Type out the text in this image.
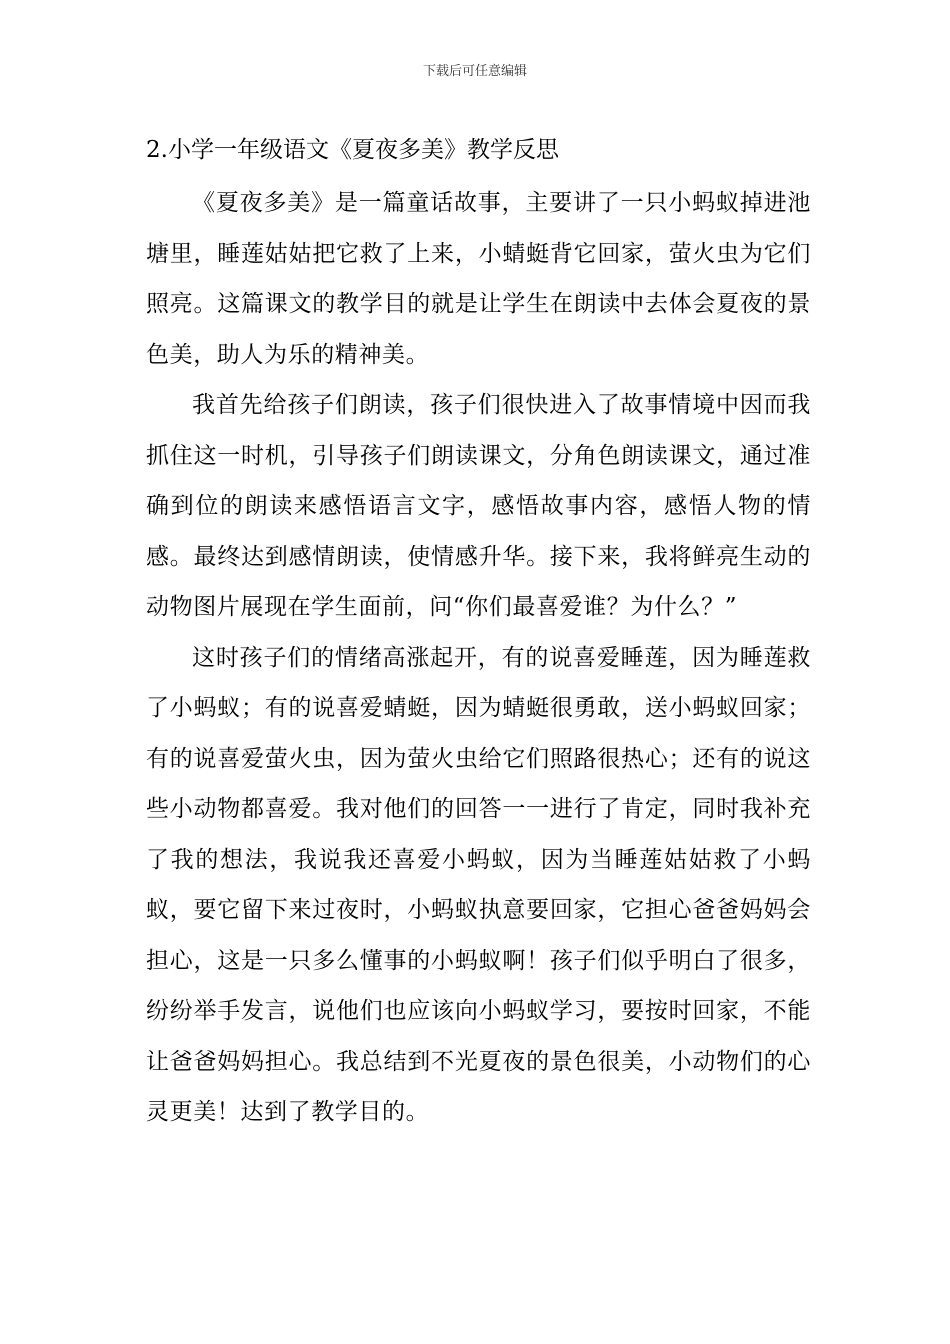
下载后可任意编辑
2.小学一年级语文《夏夜多美》教学反思

《夏夜多美》是一篇童话故事，主要讲了一只小蚂蚁掉进池塘里，睡莲姑姑把它救了上来，小蜻蜓背它回家，萤火虫为它们照亮。这篇课文的教学目的就是让学生在朗读中去体会夏夜的景色美，助人为乐的精神美。

我首先给孩子们朗读，孩子们很快进入了故事情境中因而我抓住这一时机，引导孩子们朗读课文，分角色朗读课文，通过准确到位的朗读来感悟语言文字，感悟故事内容，感悟人物的情感。最终达到感情朗读，使情感升华。接下来，我将鲜亮生动的动物图片展现在学生面前，问“你们最喜爱谁？为什么？”

这时孩子们的情绪高涨起开，有的说喜爱睡莲，因为睡莲救了小蚂蚁；有的说喜爱蜻蜓，因为蜻蜓很勇敢，送小蚂蚁回家；有的说喜爱萤火虫，因为萤火虫给它们照路很热心；还有的说这些小动物都喜爱。我对他们的回答一一进行了肯定，同时我补充了我的想法，我说我还喜爱小蚂蚁，因为当睡莲姑姑救了小蚂蚁，要它留下来过夜时，小蚂蚁执意要回家，它担心爸爸妈妈会担心，这是一只多么懂事的小蚂蚁啊！孩子们似乎明白了很多，纷纷举手发言，说他们也应该向小蚂蚁学习，要按时回家，不能让爸爸妈妈担心。我总结到不光夏夜的景色很美，小动物们的心灵更美！达到了教学目的。
